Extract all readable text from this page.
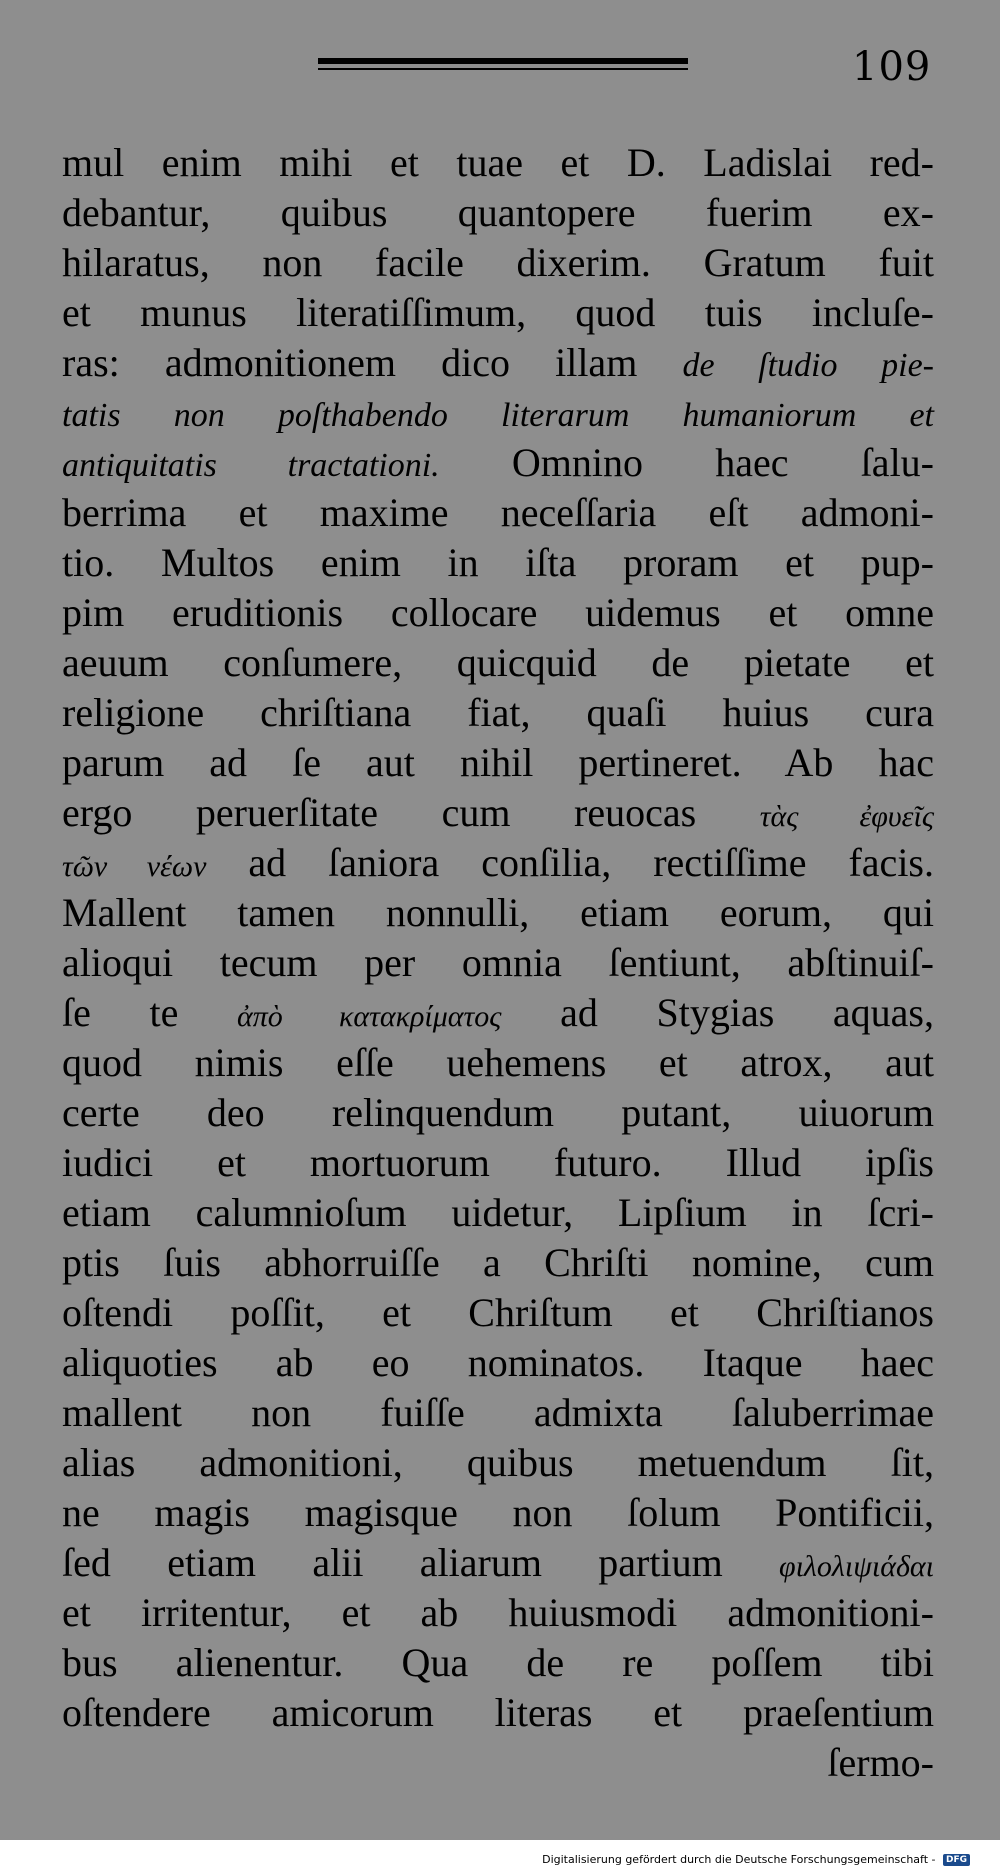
109
mul enim mihi et tuae et D. Ladislai red-
debantur, quibus quantopere fuerim ex-
hilaratus, non facile dixerim. Gratum fuit
et munus literatiſſimum, quod tuis incluſe-
ras: admonitionem dico illam de ſtudio pie-
tatis non poſthabendo literarum humaniorum et
antiquitatis tractationi. Omnino haec ſalu-
berrima et maxime neceſſaria eſt admoni-
tio. Multos enim in iſta proram et pup-
pim eruditionis collocare uidemus et omne
aeuum conſumere, quicquid de pietate et
religione chriſtiana fiat, quaſi huius cura
parum ad ſe aut nihil pertineret. Ab hac
ergo peruerſitate cum reuocas τὰς ἐφυεῖς
τῶν νέων ad ſaniora conſilia, rectiſſime facis.
Mallent tamen nonnulli, etiam eorum, qui
alioqui tecum per omnia ſentiunt, abſtinuiſ-
ſe te ἀπὸ κατακρίματος ad Stygias aquas,
quod nimis eſſe uehemens et atrox, aut
certe deo relinquendum putant, uiuorum
iudici et mortuorum futuro. Illud ipſis
etiam calumnioſum uidetur, Lipſium in ſcri-
ptis ſuis abhorruiſſe a Chriſti nomine, cum
oſtendi poſſit, et Chriſtum et Chriſtianos
aliquoties ab eo nominatos. Itaque haec
mallent non fuiſſe admixta ſaluberrimae
alias admonitioni, quibus metuendum ſit,
ne magis magisque non ſolum Pontificii,
ſed etiam alii aliarum partium φιλολιψιάδαι
et irritentur, et ab huiusmodi admonitioni-
bus alienentur. Qua de re poſſem tibi
oſtendere amicorum literas et praeſentium
ſermo-
Digitalisierung gefördert durch die Deutsche Forschungsgemeinschaft - DFG
